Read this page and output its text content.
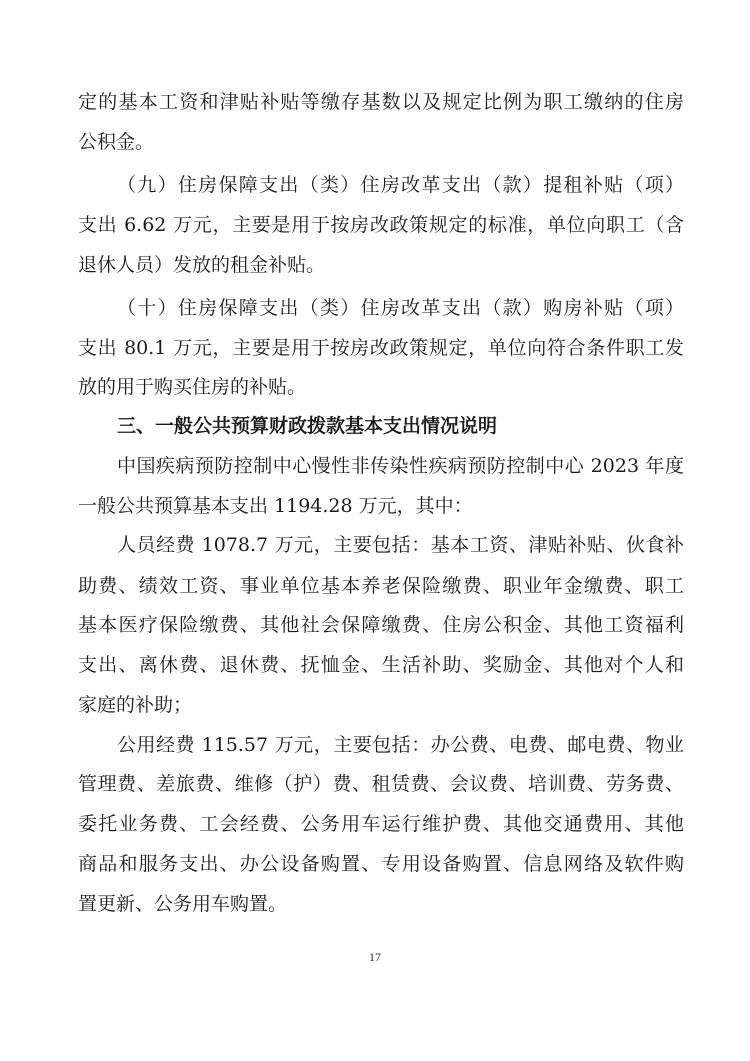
定的基本工资和津贴补贴等缴存基数以及规定比例为职工缴纳的住房
公积金。
（九）住房保障支出（类）住房改革支出（款）提租补贴（项）
支出 6.62 万元，主要是用于按房改政策规定的标准，单位向职工（含
退休人员）发放的租金补贴。
（十）住房保障支出（类）住房改革支出（款）购房补贴（项）
支出 80.1 万元，主要是用于按房改政策规定，单位向符合条件职工发
放的用于购买住房的补贴。
三、一般公共预算财政拨款基本支出情况说明
中国疾病预防控制中心慢性非传染性疾病预防控制中心 2023 年度
一般公共预算基本支出 1194.28 万元，其中：
人员经费 1078.7 万元，主要包括：基本工资、津贴补贴、伙食补
助费、绩效工资、事业单位基本养老保险缴费、职业年金缴费、职工
基本医疗保险缴费、其他社会保障缴费、住房公积金、其他工资福利
支出、离休费、退休费、抚恤金、生活补助、奖励金、其他对个人和
家庭的补助；
公用经费 115.57 万元，主要包括：办公费、电费、邮电费、物业
管理费、差旅费、维修（护）费、租赁费、会议费、培训费、劳务费、
委托业务费、工会经费、公务用车运行维护费、其他交通费用、其他
商品和服务支出、办公设备购置、专用设备购置、信息网络及软件购
置更新、公务用车购置。
17
